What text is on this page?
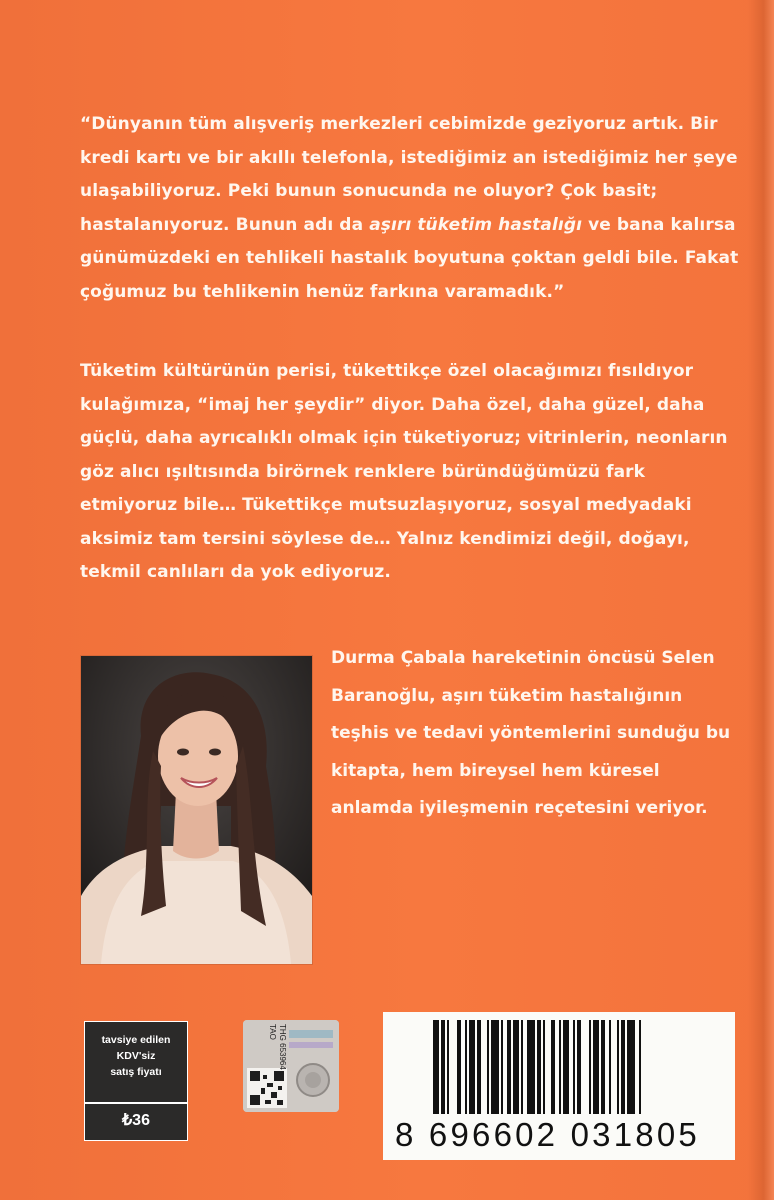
“Dünyanın tüm alışveriş merkezleri cebimizde geziyoruz artık. Bir kredi kartı ve bir akıllı telefonla, istediğimiz an istediğimiz her şeye ulaşabiliyoruz. Peki bunun sonucunda ne oluyor? Çok basit; hastalanıyoruz. Bunun adı da aşırı tüketim hastalığı ve bana kalırsa günümüzdeki en tehlikeli hastalık boyutuna çoktan geldi bile. Fakat çoğumuz bu tehlikenin henüz farkına varamadık.”

Tüketim kültürünün perisi, tükettikçe özel olacağımızı fısıldıyor kulağımıza, “imaj her şeydir” diyor. Daha özel, daha güzel, daha güçlü, daha ayrıcalıklı olmak için tüketiyoruz; vitrinlerin, neonların göz alıcı ışıltısında birörnek renklere büründüğümüzü fark etmiyoruz bile… Tükettikçe mutsuzlaşıyoruz, sosyal medyadaki aksimiz tam tersini söylese de… Yalnız kendimizi değil, doğayı, tekmil canlıları da yok ediyoruz.

Durma Çabala hareketinin öncüsü Selen Baranoğlu, aşırı tüketim hastalığının teşhis ve tedavi yöntemlerini sunduğu bu kitapta, hem bireysel hem küresel anlamda iyileşmenin reçetesini veriyor.

tavsiye edilen
KDV'siz
satış fiyatı
₺36
THG 653964 TAO
8 696602 031805
